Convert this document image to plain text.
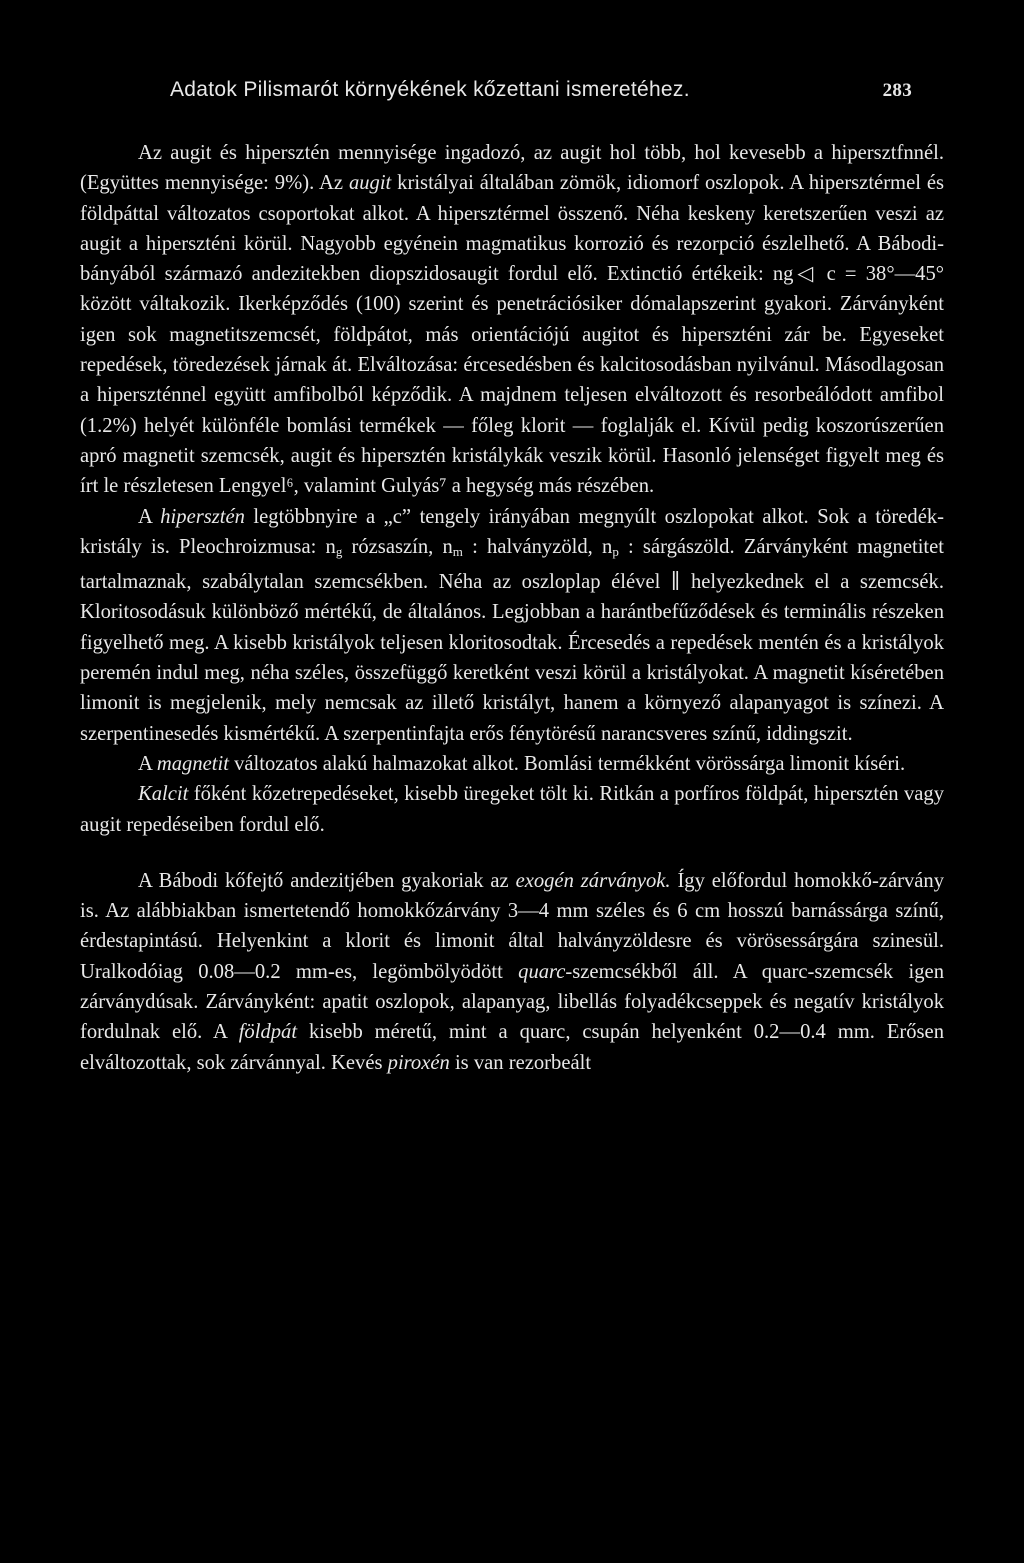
Adatok Pilismarót környékének kőzettani ismeretéhez.	283

Az augit és hipersztén mennyisége ingadozó, az augit hol több, hol kevesebb a hipersztfnnél. (Együttes mennyisége: 9%). Az augit kristályai általában zömök, idiomorf oszlopok. A hipersztérmel és földpáttal változatos csoportokat alkot. A hipersztérmel összenő. Néha keskeny keretszerűen veszi az augit a hiperszténi körül. Nagyobb egyénein magmatikus korrozió és rezorpció észlelhető. A Bábodi-bányából származó andezitekben diopszidosaugit fordul elő. Extinctió értékeik: ng◁ c = 38°—45° között váltakozik. Ikerképződés (100) szerint és penetrációsiker dómalapszerint gyakori. Zárványként igen sok magnetitszemcsét, földpátot, más orientációjú augitot és hiperszténi zár be. Egyeseket repedések, töredezések járnak át. Elváltozása: ércesedésben és kalcitosodásban nyilvánul. Másodlagosan a hiperszténnel együtt amfibolból képződik. A majdnem teljesen elváltozott és resorbeálódott amfibol (1.2%) helyét különféle bomlási termékek — főleg klorit — foglalják el. Kívül pedig koszorúszerűen apró magnetit szemcsék, augit és hipersztén kristálykák veszik körül. Hasonló jelenséget figyelt meg és írt le részletesen Lengyel⁶, valamint Gulyás⁷ a hegység más részében.

A hipersztén legtöbbnyire a „c” tengely irányában megnyúlt oszlopokat alkot. Sok a töredék-kristály is. Pleochroizmusa: $n_g$ rózsaszín, $n_m$ : halványzöld, $n_p$ : sárgászöld. Zárványként magnetitet tartalmaznak, szabálytalan szemcsékben. Néha az oszloplap élével ∥ helyezkednek el a szemcsék. Kloritosodásuk különböző mértékű, de általános. Legjobban a harántbefűződések és terminális részeken figyelhető meg. A kisebb kristályok teljesen kloritosodtak. Ércesedés a repedések mentén és a kristályok peremén indul meg, néha széles, összefüggő keretként veszi körül a kristályokat. A magnetit kíséretében limonit is megjelenik, mely nemcsak az illető kristályt, hanem a környező alapanyagot is színezi. A szerpentinesedés kismértékű. A szerpentinfajta erős fénytörésű narancsveres színű, iddingszit.

A magnetit változatos alakú halmazokat alkot. Bomlási termékként vörössárga limonit kíséri.

Kalcit főként kőzetrepedéseket, kisebb üregeket tölt ki. Ritkán a porfíros földpát, hipersztén vagy augit repedéseiben fordul elő.

A Bábodi kőfejtő andezitjében gyakoriak az exogén zárványok. Így előfordul homokkő-zárvány is. Az alábbiakban ismertetendő homokkőzárvány 3—4 mm széles és 6 cm hosszú barnássárga színű, érdestapintású. Helyenkint a klorit és limonit által halványzöldesre és vörösessárgára szinesül. Uralkodóiag 0.08—0.2 mm-es, legömbölyödött quarc-szemcsékből áll. A quarc-szemcsék igen zárványdúsak. Zárványként: apatit oszlopok, alapanyag, libellás folyadékcseppek és negatív kristályok fordulnak elő. A földpát kisebb méretű, mint a quarc, csupán helyenként 0.2—0.4 mm. Erősen elváltozottak, sok zárvánnyal. Kevés piroxén is van rezorbeált
